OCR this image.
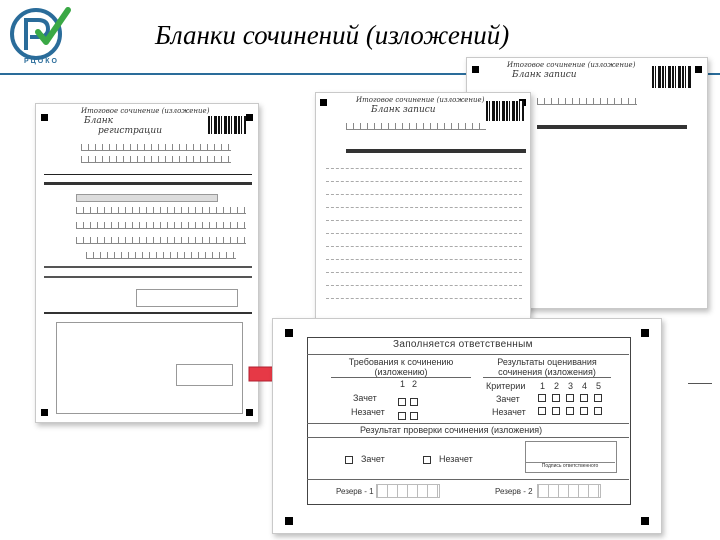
РЦОКО
Бланки сочинений (изложений)
Итоговое сочинение (изложение)
Бланк записи
Итоговое сочинение (изложение)
Бланк записи
Итоговое сочинение (изложение)
Бланк
регистрации
Заполняется ответственным
Требования к сочинению (изложению)
Результаты оценивания сочинения (изложения)
1 2
Зачет
Незачет
Критерии 1 2 3 4 5
Зачет
Незачет
Результат проверки сочинения (изложения)
Зачет	Незачет
Подпись ответственного
Резерв - 1	Резерв - 2
